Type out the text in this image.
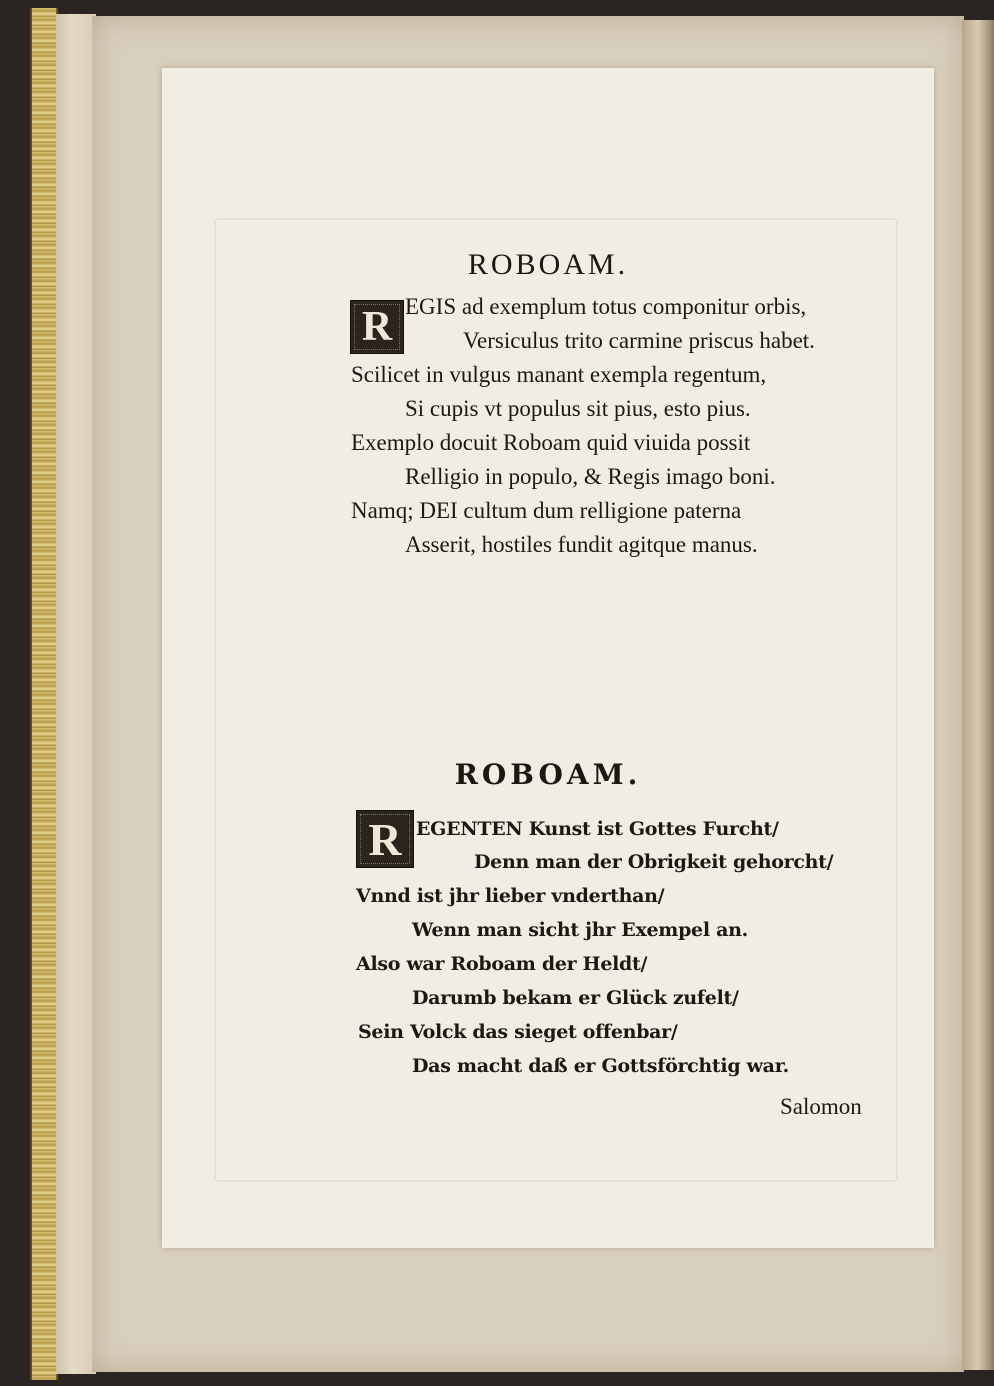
ROBOAM.
R EGIS ad exemplum totus componitur orbis,
Versiculus trito carmine priscus habet.
Scilicet in vulgus manant exempla regentum,
Si cupis vt populus sit pius, esto pius.
Exemplo docuit Roboam quid viuida possit
Relligio in populo, & Regis imago boni.
Namq; DEI cultum dum relligione paterna
Asserit, hostiles fundit agitque manus.
ROBOAM.
R EGENTEN Kunst ist Gottes Furcht/
Denn man der Obrigkeit gehorcht/
Vnnd ist jhr lieber vnderthan/
Wenn man sicht jhr Exempel an.
Also war Roboam der Heldt/
Darumb bekam er Glück zufelt/
Sein Volck das sieget offenbar/
Das macht daß er Gottsförchtig war.
Salomon
